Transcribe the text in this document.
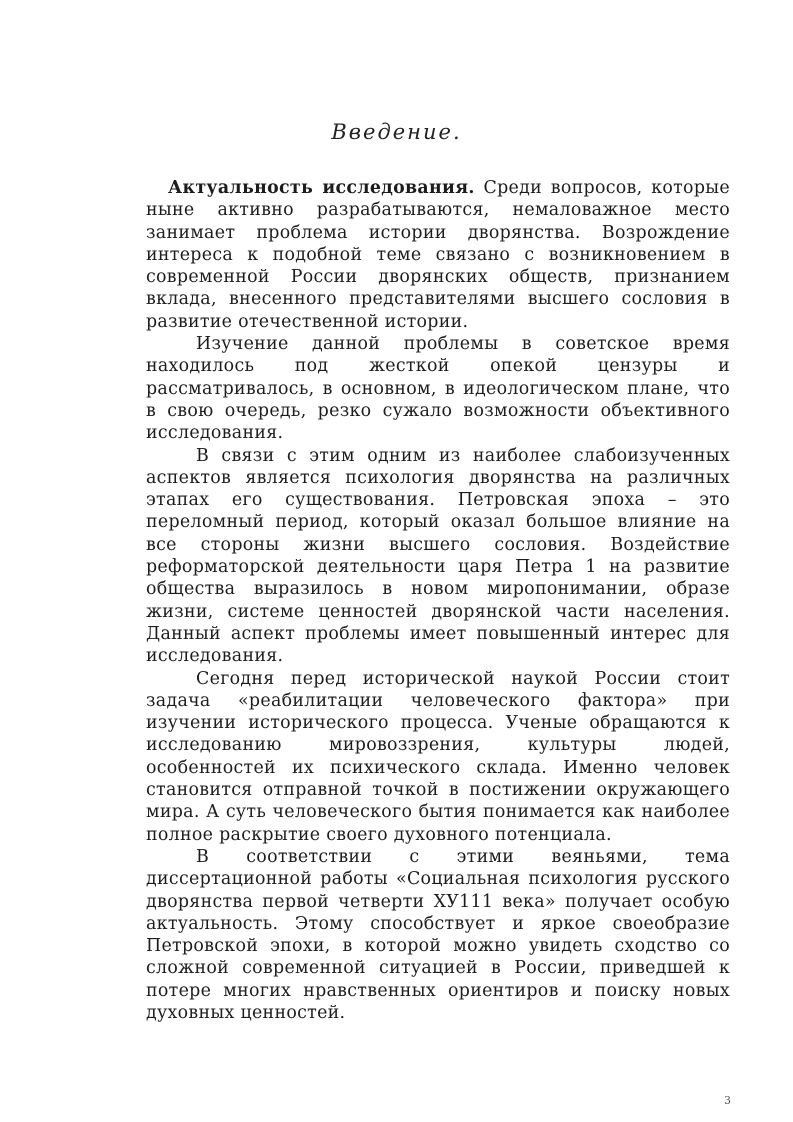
Введение.

Актуальность исследования. Среди вопросов, которые ныне активно разрабатываются, немаловажное место занимает проблема истории дворянства. Возрождение интереса к подобной теме связано с возникновением в современной России дворянских обществ, признанием вклада, внесенного представителями высшего сословия в развитие отечественной истории.

Изучение данной проблемы в советское время находилось под жесткой опекой цензуры и рассматривалось, в основном, в идеологическом плане, что в свою очередь, резко сужало возможности объективного исследования.

В связи с этим одним из наиболее слабоизученных аспектов является психология дворянства на различных этапах его существования. Петровская эпоха – это переломный период, который оказал большое влияние на все стороны жизни высшего сословия. Воздействие реформаторской деятельности царя Петра 1 на развитие общества выразилось в новом миропонимании, образе жизни, системе ценностей дворянской части населения. Данный аспект проблемы имеет повышенный интерес для исследования.

Сегодня перед исторической наукой России стоит задача «реабилитации человеческого фактора» при изучении исторического процесса. Ученые обращаются к исследованию мировоззрения, культуры людей, особенностей их психического склада. Именно человек становится отправной точкой в постижении окружающего мира. А суть человеческого бытия понимается как наиболее полное раскрытие своего духовного потенциала.

В соответствии с этими веяньями, тема диссертационной работы «Социальная психология русского дворянства первой четверти ХУ111 века» получает особую актуальность. Этому способствует и яркое своеобразие Петровской эпохи, в которой можно увидеть сходство со сложной современной ситуацией в России, приведшей к потере многих нравственных ориентиров и поиску новых духовных ценностей.

3
